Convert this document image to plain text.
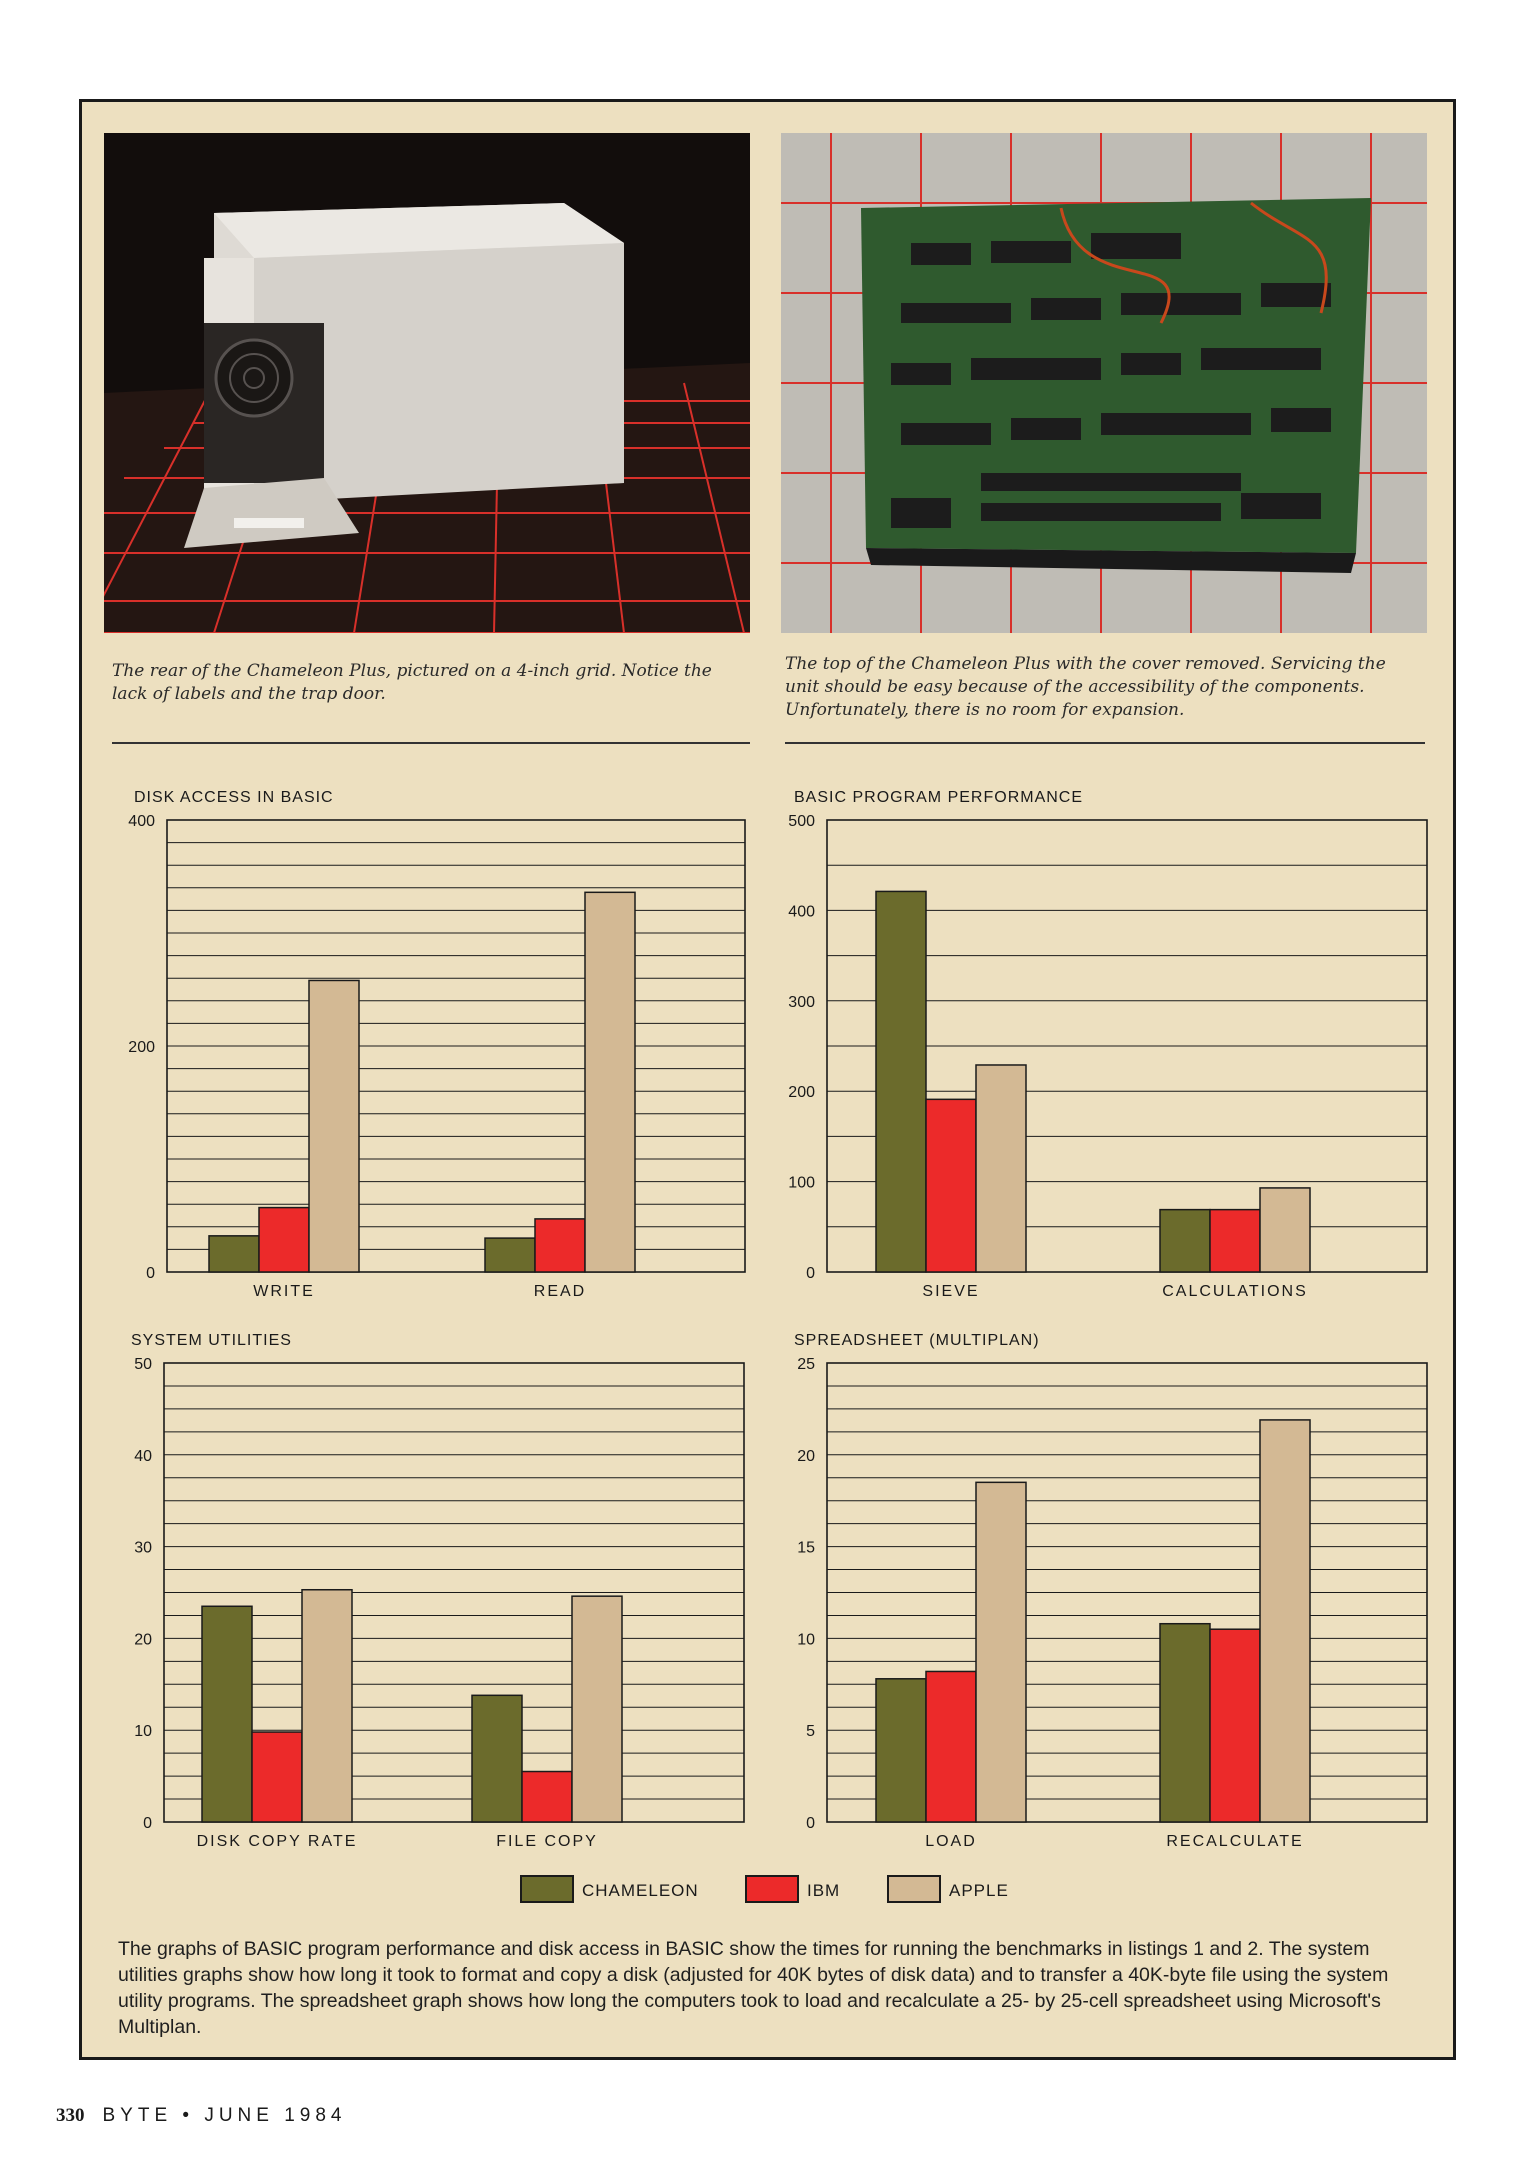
The rear of the Chameleon Plus, pictured on a 4-inch grid. Notice the lack of labels and the trap door.

The top of the Chameleon Plus with the cover removed. Servicing the unit should be easy because of the accessibility of the components. Unfortunately, there is no room for expansion.

DISK ACCESS IN BASIC
0
200
400
WRITE	READ
BASIC PROGRAM PERFORMANCE
0
100
200
300
400
500
SIEVE	CALCULATIONS
SYSTEM UTILITIES
0
10
20
30
40
50
DISK COPY RATE	FILE COPY
SPREADSHEET (MULTIPLAN)
0
5
10
15
20
25
LOAD	RECALCULATE
CHAMELEON	IBM	APPLE

The graphs of BASIC program performance and disk access in BASIC show the times for running the benchmarks in listings 1 and 2. The system utilities graphs show how long it took to format and copy a disk (adjusted for 40K bytes of disk data) and to transfer a 40K-byte file using the system utility programs. The spreadsheet graph shows how long the computers took to load and recalculate a 25- by 25-cell spreadsheet using Microsoft's Multiplan.

330 BYTE • JUNE 1984
